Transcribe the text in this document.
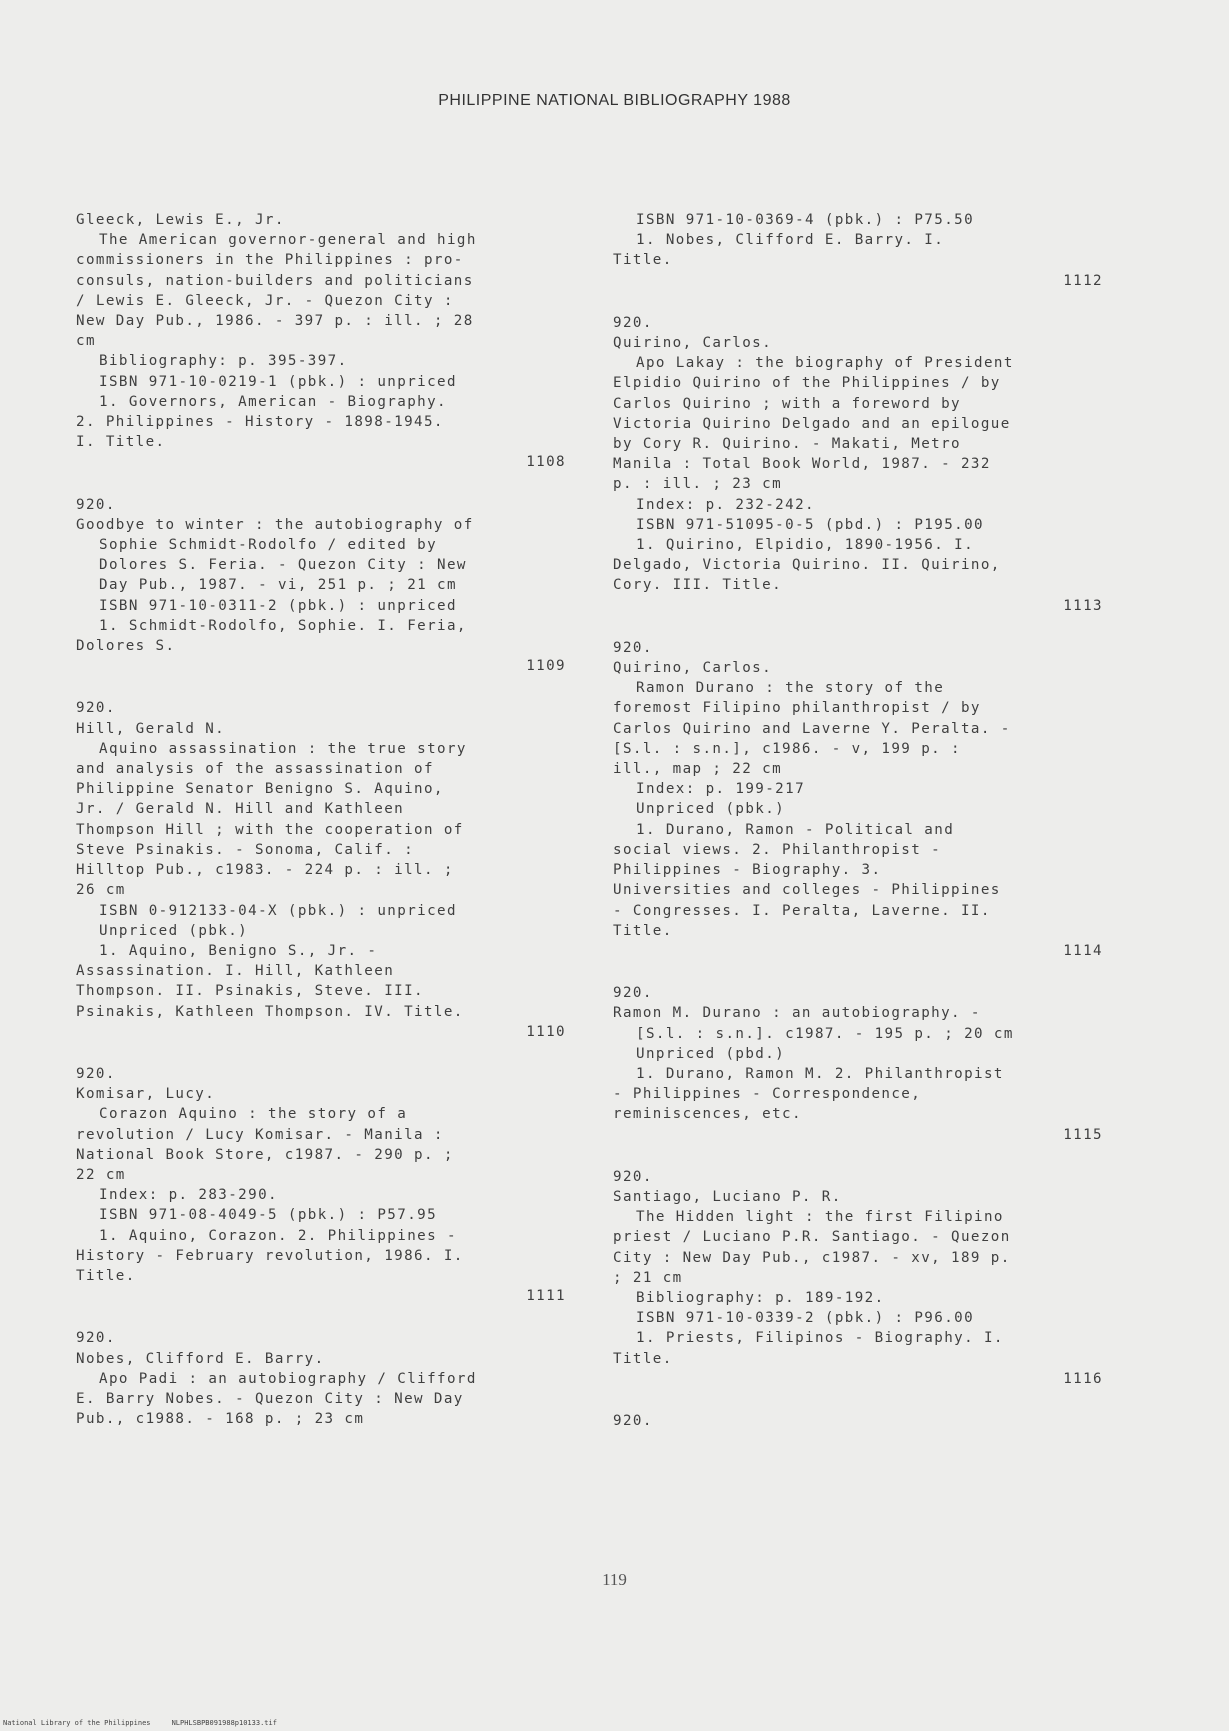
PHILIPPINE NATIONAL BIBLIOGRAPHY 1988
Gleeck, Lewis E., Jr.
The American governor-general and high
commissioners in the Philippines : pro-
consuls, nation-builders and politicians
/ Lewis E. Gleeck, Jr. - Quezon City :
New Day Pub., 1986. - 397 p. : ill. ; 28
cm
Bibliography: p. 395-397.
ISBN 971-10-0219-1 (pbk.) : unpriced
1. Governors, American - Biography.
2. Philippines - History - 1898-1945.
I. Title.
1108
920.
Goodbye to winter : the autobiography of
Sophie Schmidt-Rodolfo / edited by
Dolores S. Feria. - Quezon City : New
Day Pub., 1987. - vi, 251 p. ; 21 cm
ISBN 971-10-0311-2 (pbk.) : unpriced
1. Schmidt-Rodolfo, Sophie. I. Feria,
Dolores S.
1109
920.
Hill, Gerald N.
Aquino assassination : the true story
and analysis of the assassination of
Philippine Senator Benigno S. Aquino,
Jr. / Gerald N. Hill and Kathleen
Thompson Hill ; with the cooperation of
Steve Psinakis. - Sonoma, Calif. :
Hilltop Pub., c1983. - 224 p. : ill. ;
26 cm
ISBN 0-912133-04-X (pbk.) : unpriced
Unpriced (pbk.)
1. Aquino, Benigno S., Jr. -
Assassination. I. Hill, Kathleen
Thompson. II. Psinakis, Steve. III.
Psinakis, Kathleen Thompson. IV. Title.
1110
920.
Komisar, Lucy.
Corazon Aquino : the story of a
revolution / Lucy Komisar. - Manila :
National Book Store, c1987. - 290 p. ;
22 cm
Index: p. 283-290.
ISBN 971-08-4049-5 (pbk.) : P57.95
1. Aquino, Corazon. 2. Philippines -
History - February revolution, 1986. I.
Title.
1111
920.
Nobes, Clifford E. Barry.
Apo Padi : an autobiography / Clifford
E. Barry Nobes. - Quezon City : New Day
Pub., c1988. - 168 p. ; 23 cm
ISBN 971-10-0369-4 (pbk.) : P75.50
1. Nobes, Clifford E. Barry. I.
Title.
1112
920.
Quirino, Carlos.
Apo Lakay : the biography of President
Elpidio Quirino of the Philippines / by
Carlos Quirino ; with a foreword by
Victoria Quirino Delgado and an epilogue
by Cory R. Quirino. - Makati, Metro
Manila : Total Book World, 1987. - 232
p. : ill. ; 23 cm
Index: p. 232-242.
ISBN 971-51095-0-5 (pbd.) : P195.00
1. Quirino, Elpidio, 1890-1956. I.
Delgado, Victoria Quirino. II. Quirino,
Cory. III. Title.
1113
920.
Quirino, Carlos.
Ramon Durano : the story of the
foremost Filipino philanthropist / by
Carlos Quirino and Laverne Y. Peralta. -
[S.l. : s.n.], c1986. - v, 199 p. :
ill., map ; 22 cm
Index: p. 199-217
Unpriced (pbk.)
1. Durano, Ramon - Political and
social views. 2. Philanthropist -
Philippines - Biography. 3.
Universities and colleges - Philippines
- Congresses. I. Peralta, Laverne. II.
Title.
1114
920.
Ramon M. Durano : an autobiography. -
[S.l. : s.n.]. c1987. - 195 p. ; 20 cm
Unpriced (pbd.)
1. Durano, Ramon M. 2. Philanthropist
- Philippines - Correspondence,
reminiscences, etc.
1115
920.
Santiago, Luciano P. R.
The Hidden light : the first Filipino
priest / Luciano P.R. Santiago. - Quezon
City : New Day Pub., c1987. - xv, 189 p.
; 21 cm
Bibliography: p. 189-192.
ISBN 971-10-0339-2 (pbk.) : P96.00
1. Priests, Filipinos - Biography. I.
Title.
1116
920.
119
National Library of the Philippines     NLPHLSBPB091988p10133.tif
